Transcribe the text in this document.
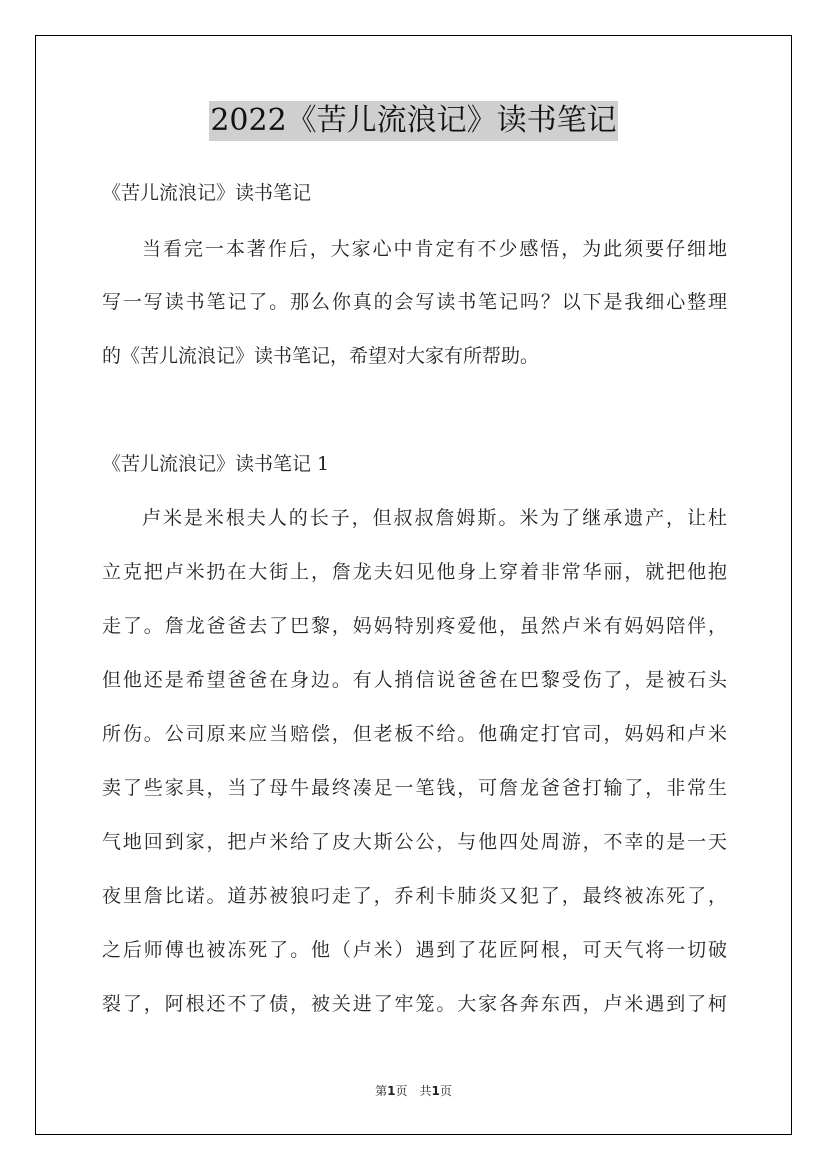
2022《苦儿流浪记》读书笔记
《苦儿流浪记》读书笔记
当看完一本著作后，大家心中肯定有不少感悟，为此须要仔细地
写一写读书笔记了。那么你真的会写读书笔记吗？以下是我细心整理
的《苦儿流浪记》读书笔记，希望对大家有所帮助。
《苦儿流浪记》读书笔记 1
卢米是米根夫人的长子，但叔叔詹姆斯。米为了继承遗产，让杜
立克把卢米扔在大街上，詹龙夫妇见他身上穿着非常华丽，就把他抱
走了。詹龙爸爸去了巴黎，妈妈特别疼爱他，虽然卢米有妈妈陪伴，
但他还是希望爸爸在身边。有人捎信说爸爸在巴黎受伤了，是被石头
所伤。公司原来应当赔偿，但老板不给。他确定打官司，妈妈和卢米
卖了些家具，当了母牛最终凑足一笔钱，可詹龙爸爸打输了，非常生
气地回到家，把卢米给了皮大斯公公，与他四处周游，不幸的是一天
夜里詹比诺。道苏被狼叼走了，乔利卡肺炎又犯了，最终被冻死了，
之后师傅也被冻死了。他（卢米）遇到了花匠阿根，可天气将一切破
裂了，阿根还不了债，被关进了牢笼。大家各奔东西，卢米遇到了柯
第1页　共1页
